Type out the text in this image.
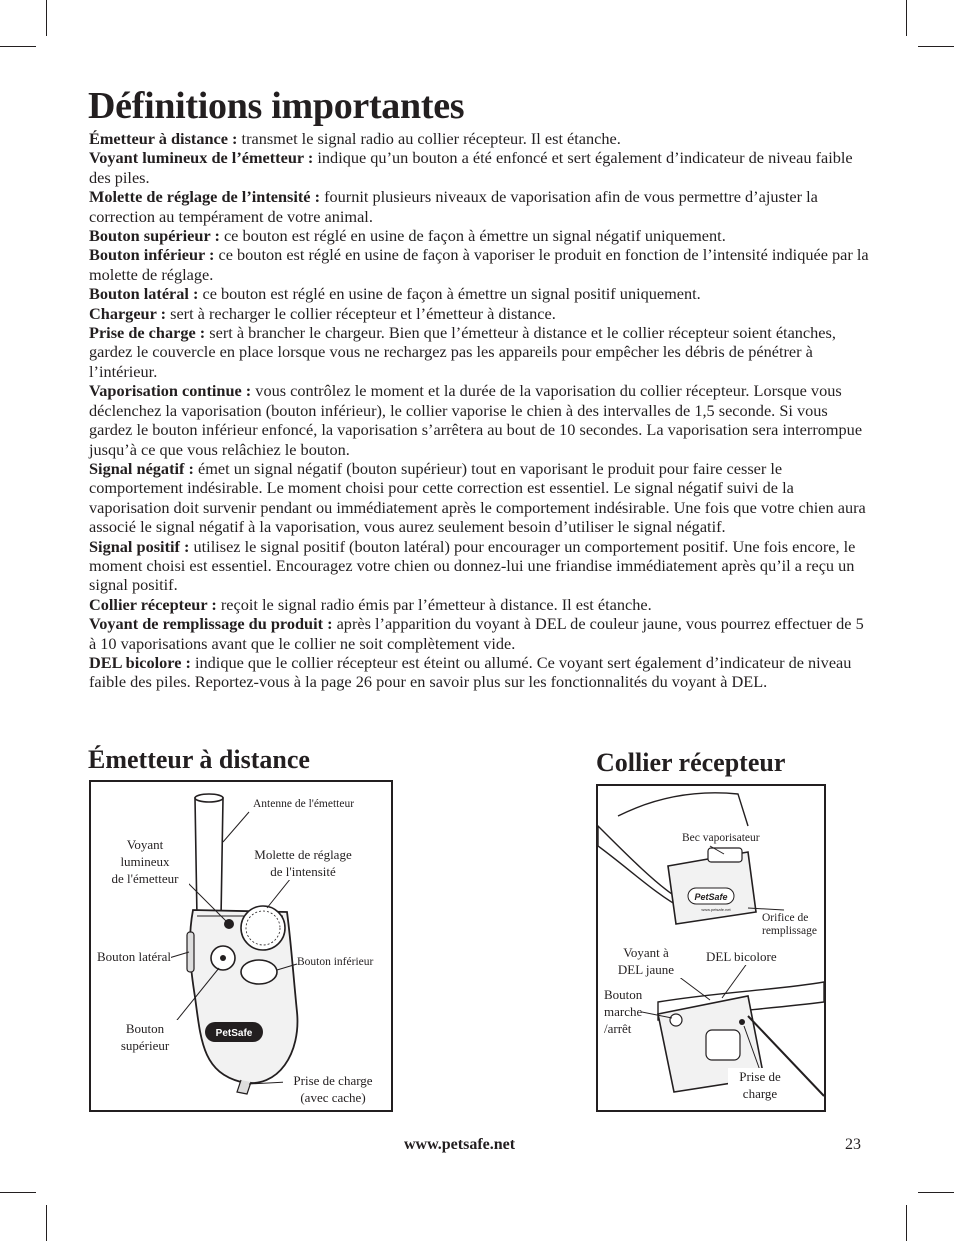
Définitions importantes

Émetteur à distance : transmet le signal radio au collier récepteur. Il est étanche.

Voyant lumineux de l’émetteur : indique qu’un bouton a été enfoncé et sert également d’indicateur de niveau faible des piles.

Molette de réglage de l’intensité : fournit plusieurs niveaux de vaporisation afin de vous permettre d’ajuster la correction au tempérament de votre animal.

Bouton supérieur : ce bouton est réglé en usine de façon à émettre un signal négatif uniquement.

Bouton inférieur : ce bouton est réglé en usine de façon à vaporiser le produit en fonction de l’intensité indiquée par la molette de réglage.

Bouton latéral : ce bouton est réglé en usine de façon à émettre un signal positif uniquement.

Chargeur : sert à recharger le collier récepteur et l’émetteur à distance.

Prise de charge : sert à brancher le chargeur. Bien que l’émetteur à distance et le collier récepteur soient étanches, gardez le couvercle en place lorsque vous ne rechargez pas les appareils pour empêcher les débris de pénétrer à l’intérieur.

Vaporisation continue : vous contrôlez le moment et la durée de la vaporisation du collier récepteur. Lorsque vous déclenchez la vaporisation (bouton inférieur), le collier vaporise le chien à des intervalles de 1,5 seconde. Si vous gardez le bouton inférieur enfoncé, la vaporisation s’arrêtera au bout de 10 secondes. La vaporisation sera interrompue jusqu’à ce que vous relâchiez le bouton.

Signal négatif : émet un signal négatif (bouton supérieur) tout en vaporisant le produit pour faire cesser le comportement indésirable. Le moment choisi pour cette correction est essentiel. Le signal négatif suivi de la vaporisation doit survenir pendant ou immédiatement après le comportement indésirable. Une fois que votre chien aura associé le signal négatif à la vaporisation, vous aurez seulement besoin d’utiliser le signal négatif.

Signal positif : utilisez le signal positif (bouton latéral) pour encourager un comportement positif. Une fois encore, le moment choisi est essentiel. Encouragez votre chien ou donnez-lui une friandise immédiatement après qu’il a reçu un signal positif.

Collier récepteur : reçoit le signal radio émis par l’émetteur à distance. Il est étanche.

Voyant de remplissage du produit : après l’apparition du voyant à DEL de couleur jaune, vous pourrez effectuer de 5 à 10 vaporisations avant que le collier ne soit complètement vide.

DEL bicolore : indique que le collier récepteur est éteint ou allumé. Ce voyant sert également d’indicateur de niveau faible des piles. Reportez-vous à la page 26 pour en savoir plus sur les fonctionnalités du voyant à DEL.

Émetteur à distance
PetSafe
Antenne de l'émetteur
Voyant
lumineux
de l'émetteur
Molette de réglage
de l'intensité
Bouton latéral	Bouton inférieur
Bouton
supérieur
Prise de charge
(avec cache)
Collier récepteur
PetSafe
www.petsafe.net
Bec vaporisateur
Orifice de
remplissage
Voyant à
DEL jaune
DEL bicolore
Bouton
marche
/arrêt
Prise de
charge
www.petsafe.net	23
